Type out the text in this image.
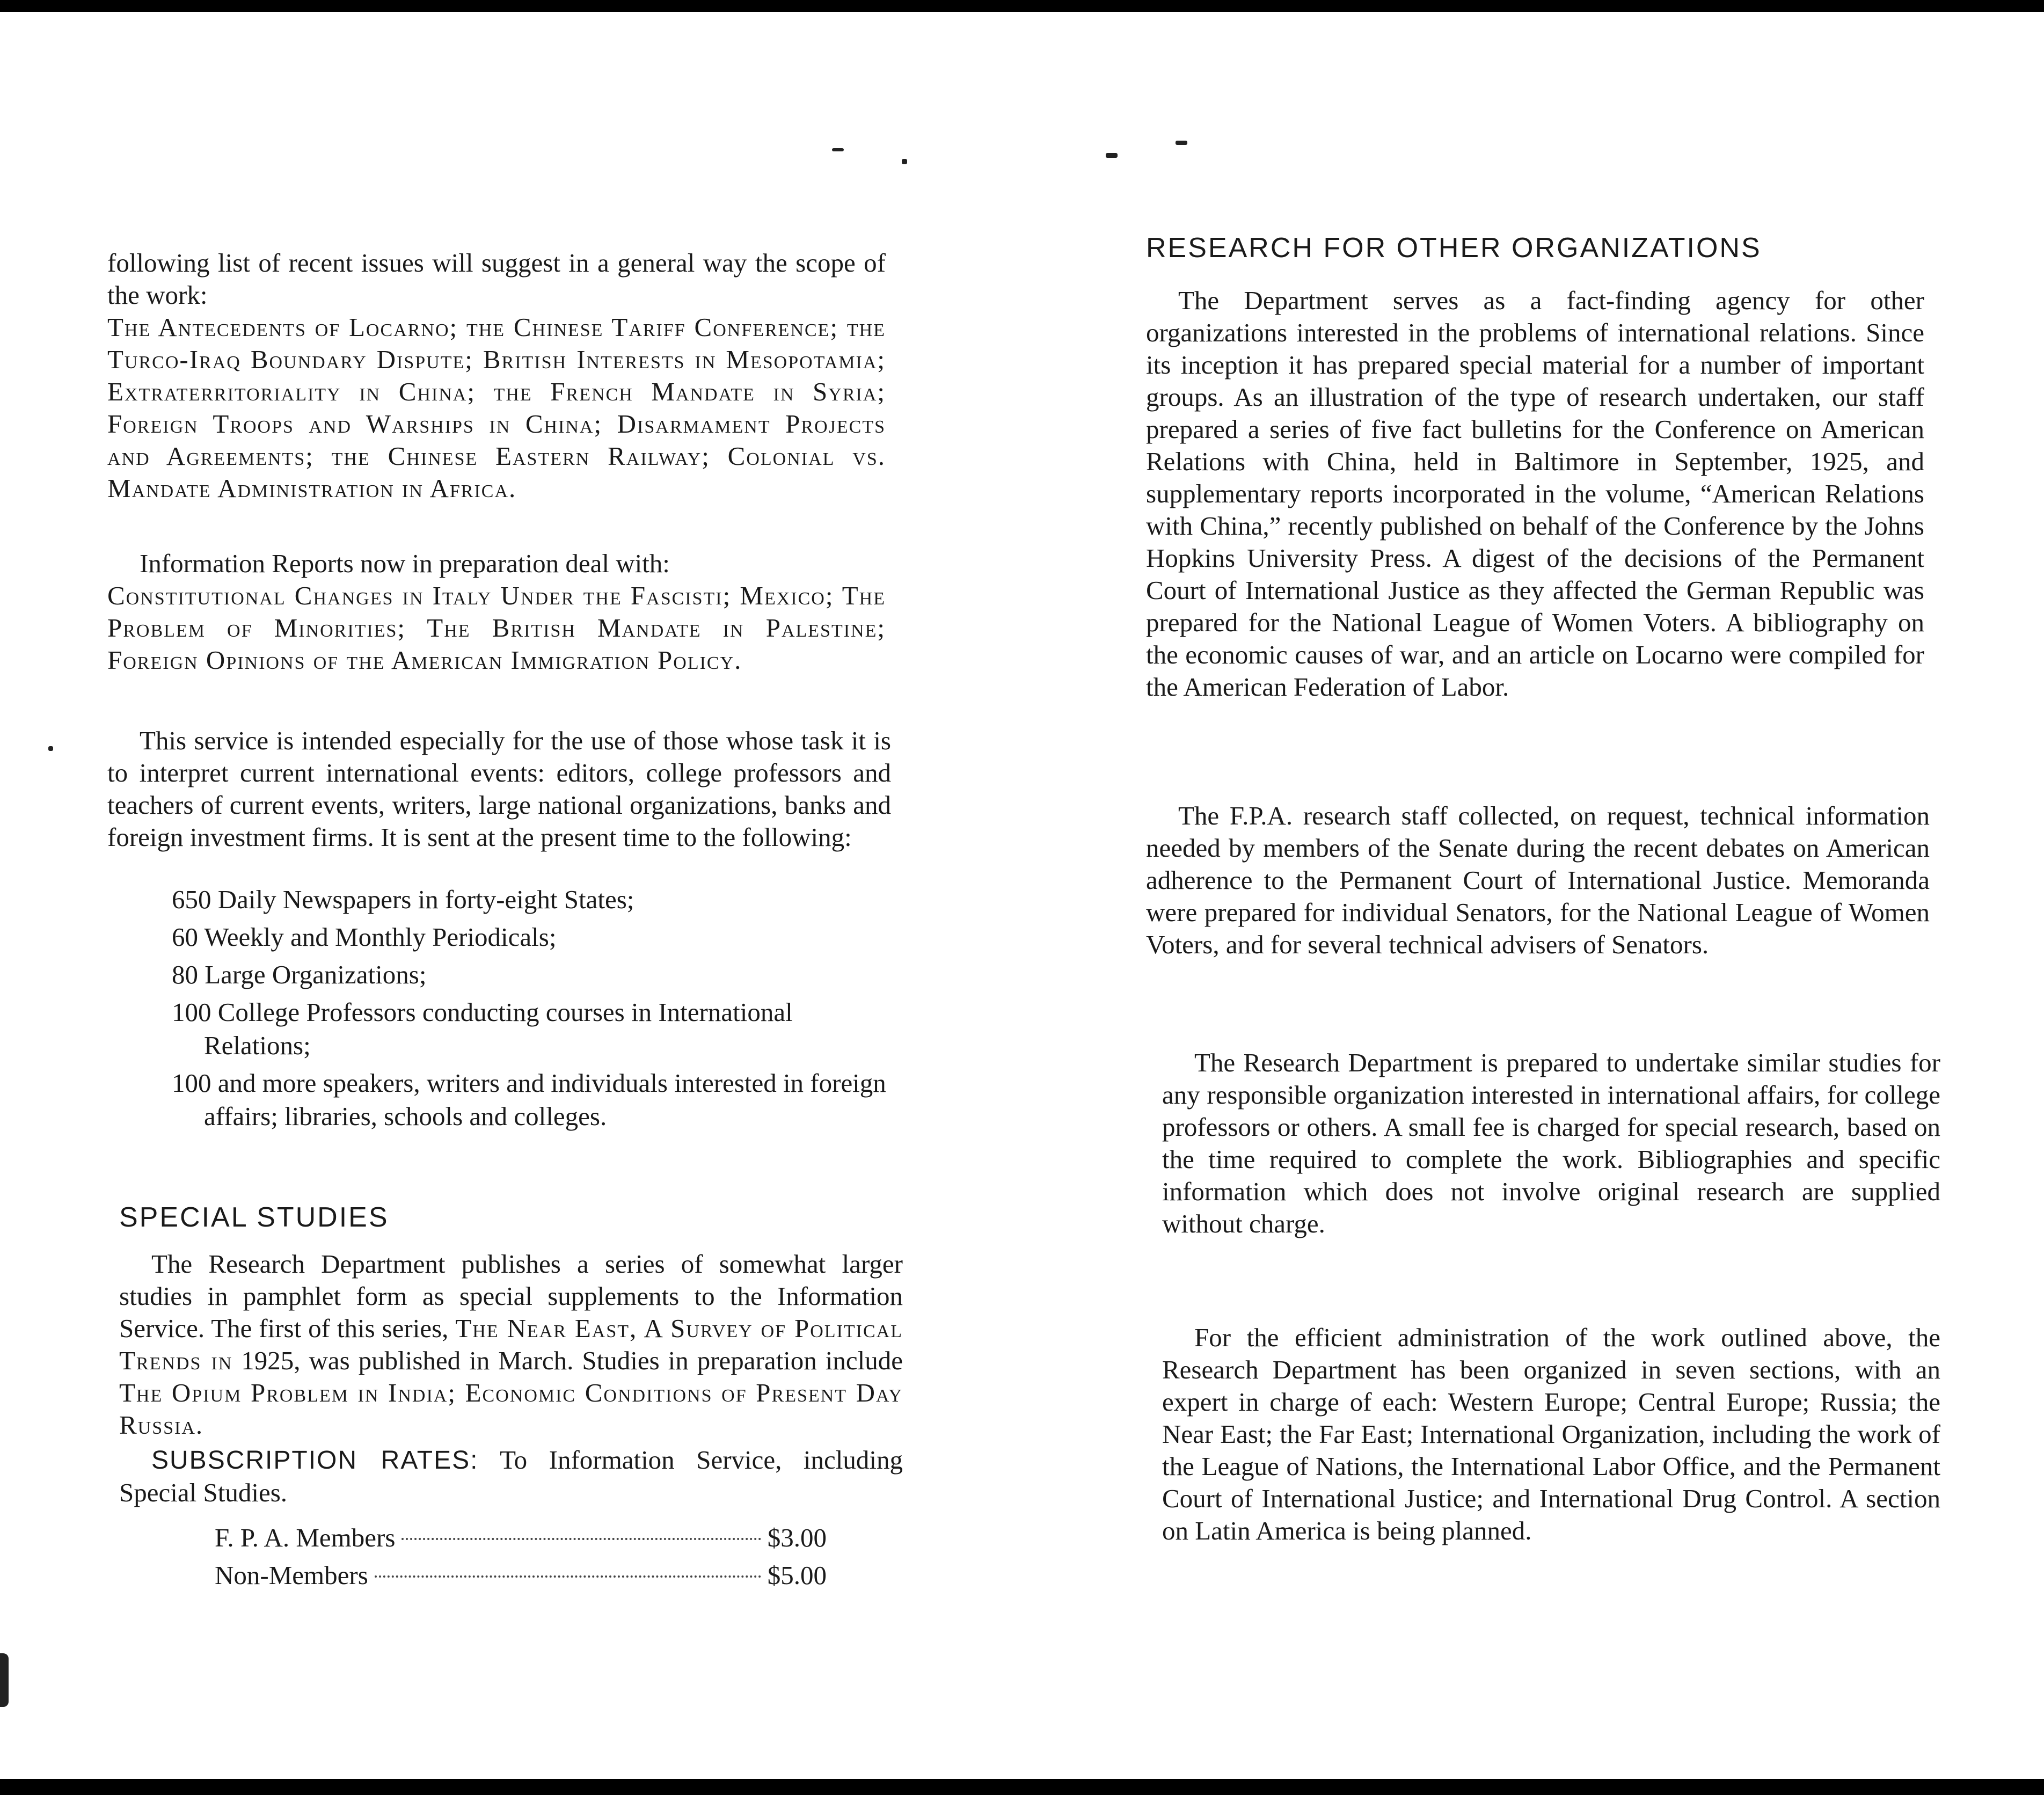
following list of recent issues will suggest in a general way the scope of the work:

The Antecedents of Locarno; the Chinese Tariff Conference; the Turco-Iraq Boundary Dispute; British Interests in Mesopotamia; Extraterritoriality in China; the French Mandate in Syria; Foreign Troops and Warships in China; Disarmament Projects and Agreements; the Chinese Eastern Railway; Colonial vs. Mandate Administration in Africa.

Information Reports now in preparation deal with:

Constitutional Changes in Italy Under the Fascisti; Mexico; The Problem of Minorities; The British Mandate in Palestine; Foreign Opinions of the American Immigration Policy.

This service is intended especially for the use of those whose task it is to interpret current international events: editors, college professors and teachers of current events, writers, large national organizations, banks and foreign investment firms. It is sent at the present time to the following:

650 Daily Newspapers in forty-eight States;
60 Weekly and Monthly Periodicals;
80 Large Organizations;
100 College Professors conducting courses in International Relations;
100 and more speakers, writers and individuals interested in foreign affairs; libraries, schools and colleges.
SPECIAL STUDIES

The Research Department publishes a series of somewhat larger studies in pamphlet form as special supplements to the Information Service. The first of this series, The Near East, A Survey of Political Trends in 1925, was published in March. Studies in preparation include The Opium Problem in India; Economic Conditions of Present Day Russia.

SUBSCRIPTION RATES: To Information Service, including Special Studies.

F. P. A. Members	$3.00
Non-Members	$5.00
RESEARCH FOR OTHER ORGANIZATIONS

The Department serves as a fact-finding agency for other organizations interested in the problems of international relations. Since its inception it has prepared special material for a number of important groups. As an illustration of the type of research undertaken, our staff prepared a series of five fact bulletins for the Conference on American Relations with China, held in Baltimore in September, 1925, and supplementary reports incorporated in the volume, “American Relations with China,” recently published on behalf of the Conference by the Johns Hopkins University Press. A digest of the decisions of the Permanent Court of International Justice as they affected the German Republic was prepared for the National League of Women Voters. A bibliography on the economic causes of war, and an article on Locarno were compiled for the American Federation of Labor.

The F.P.A. research staff collected, on request, technical information needed by members of the Senate during the recent debates on American adherence to the Permanent Court of International Justice. Memoranda were prepared for individual Senators, for the National League of Women Voters, and for several technical advisers of Senators.

The Research Department is prepared to undertake similar studies for any responsible organization interested in international affairs, for college professors or others. A small fee is charged for special research, based on the time required to complete the work. Bibliographies and specific information which does not involve original research are supplied without charge.

For the efficient administration of the work outlined above, the Research Department has been organized in seven sections, with an expert in charge of each: Western Europe; Central Europe; Russia; the Near East; the Far East; International Organization, including the work of the League of Nations, the International Labor Office, and the Permanent Court of International Justice; and International Drug Control. A section on Latin America is being planned.
